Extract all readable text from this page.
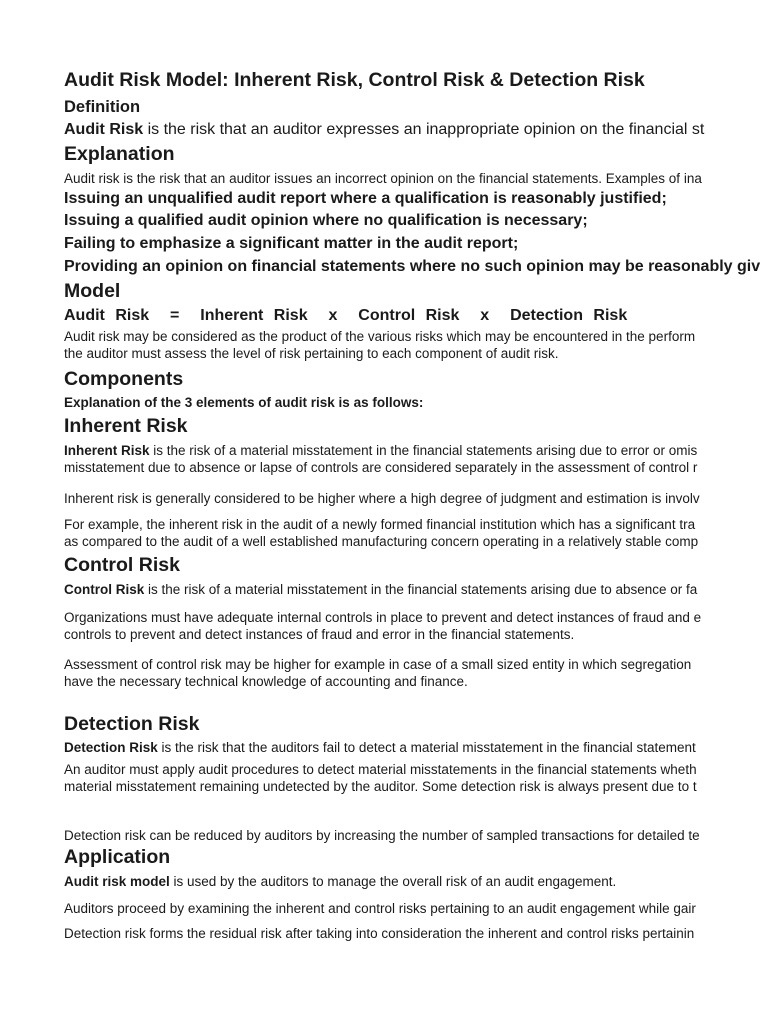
Audit Risk Model: Inherent Risk, Control Risk & Detection Risk
Definition
Audit Risk is the risk that an auditor expresses an inappropriate opinion on the financial st
Explanation
Audit risk is the risk that an auditor issues an incorrect opinion on the financial statements. Examples of ina
Issuing an unqualified audit report where a qualification is reasonably justified;
Issuing a qualified audit opinion where no qualification is necessary;
Failing to emphasize a significant matter in the audit report;
Providing an opinion on financial statements where no such opinion may be reasonably giv
Model
Audit Risk  =  Inherent Risk  x  Control Risk  x  Detection Risk
Audit risk may be considered as the product of the various risks which may be encountered in the perform
the auditor must assess the level of risk pertaining to each component of audit risk.
Components
Explanation of the 3 elements of audit risk is as follows:
Inherent Risk
Inherent Risk is the risk of a material misstatement in the financial statements arising due to error or omis
misstatement due to absence or lapse of controls are considered separately in the assessment of control r
Inherent risk is generally considered to be higher where a high degree of judgment and estimation is involv
For example, the inherent risk in the audit of a newly formed financial institution which has a significant tra
as compared to the audit of a well established manufacturing concern operating in a relatively stable comp
Control Risk
Control Risk is the risk of a material misstatement in the financial statements arising due to absence or fa
Organizations must have adequate internal controls in place to prevent and detect instances of fraud and e
controls to prevent and detect instances of fraud and error in the financial statements.
Assessment of control risk may be higher for example in case of a small sized entity in which segregation
have the necessary technical knowledge of accounting and finance.
Detection Risk
Detection Risk is the risk that the auditors fail to detect a material misstatement in the financial statement
An auditor must apply audit procedures to detect material misstatements in the financial statements wheth
material misstatement remaining undetected by the auditor. Some detection risk is always present due to t
Detection risk can be reduced by auditors by increasing the number of sampled transactions for detailed te
Application
Audit risk model is used by the auditors to manage the overall risk of an audit engagement.
Auditors proceed by examining the inherent and control risks pertaining to an audit engagement while gair
Detection risk forms the residual risk after taking into consideration the inherent and control risks pertainin
